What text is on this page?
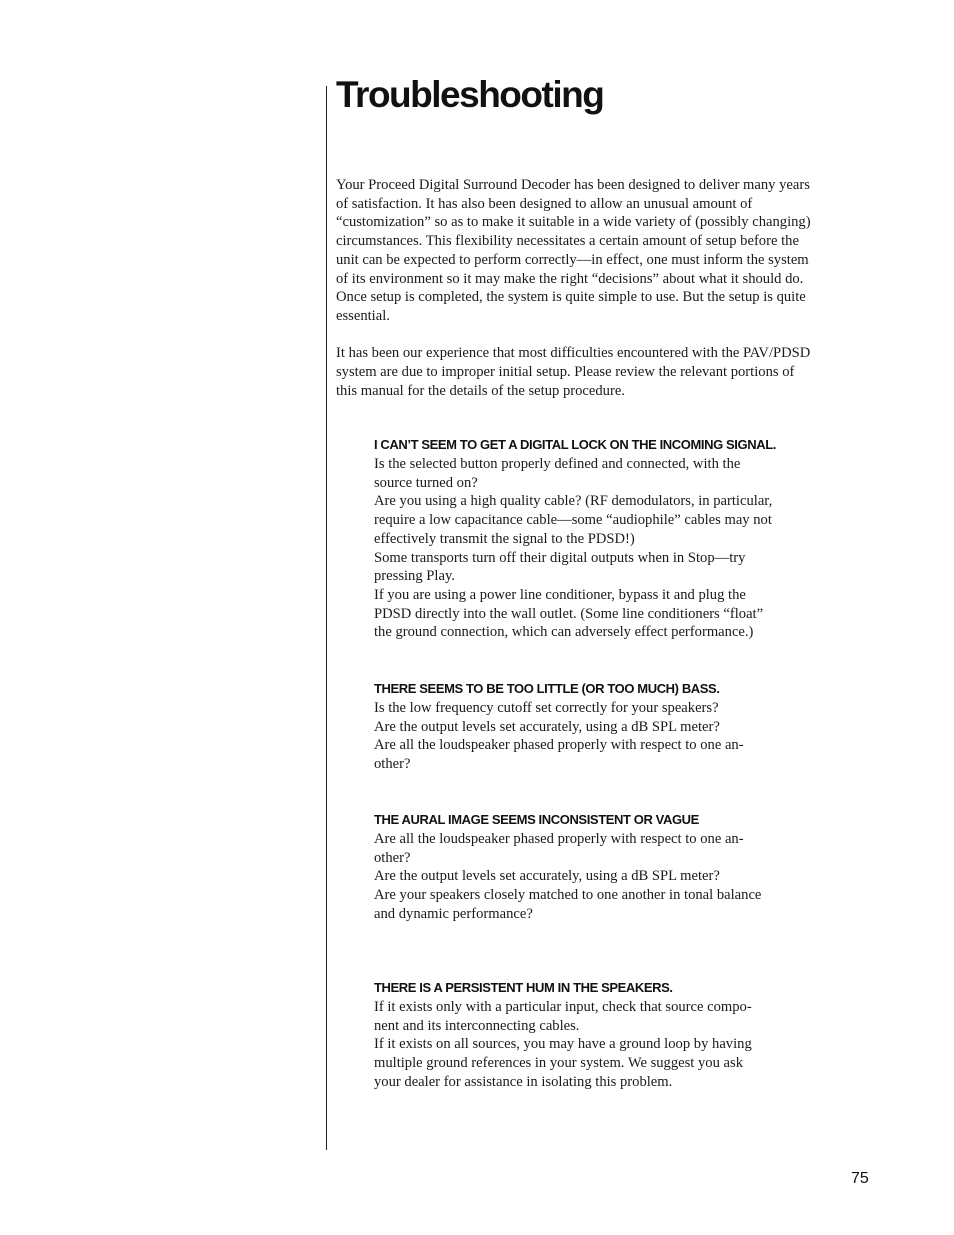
Troubleshooting

Your Proceed Digital Surround Decoder has been designed to deliver many years
of satisfaction. It has also been designed to allow an unusual amount of
“customization” so as to make it suitable in a wide variety of (possibly changing)
circumstances. This flexibility necessitates a certain amount of setup before the
unit can be expected to perform correctly—in effect, one must inform the system
of its environment so it may make the right “decisions” about what it should do.
Once setup is completed, the system is quite simple to use. But the setup is quite
essential.

It has been our experience that most difficulties encountered with the PAV/PDSD
system are due to improper initial setup. Please review the relevant portions of
this manual for the details of the setup procedure.

I CAN’T SEEM TO GET A DIGITAL LOCK ON THE INCOMING SIGNAL.
Is the selected button properly defined and connected, with the
source turned on?
Are you using a high quality cable? (RF demodulators, in particular,
require a low capacitance cable—some “audiophile” cables may not
effectively transmit the signal to the PDSD!)
Some transports turn off their digital outputs when in Stop—try
pressing Play.
If you are using a power line conditioner, bypass it and plug the
PDSD directly into the wall outlet. (Some line conditioners “float”
the ground connection, which can adversely effect performance.)
THERE SEEMS TO BE TOO LITTLE (OR TOO MUCH) BASS.
Is the low frequency cutoff set correctly for your speakers?
Are the output levels set accurately, using a dB SPL meter?
Are all the loudspeaker phased properly with respect to one an-
other?
THE AURAL IMAGE SEEMS INCONSISTENT OR VAGUE
Are all the loudspeaker phased properly with respect to one an-
other?
Are the output levels set accurately, using a dB SPL meter?
Are your speakers closely matched to one another in tonal balance
and dynamic performance?
THERE IS A PERSISTENT HUM IN THE SPEAKERS.
If it exists only with a particular input, check that source compo-
nent and its interconnecting cables.
If it exists on all sources, you may have a ground loop by having
multiple ground references in your system. We suggest you ask
your dealer for assistance in isolating this problem.
75
